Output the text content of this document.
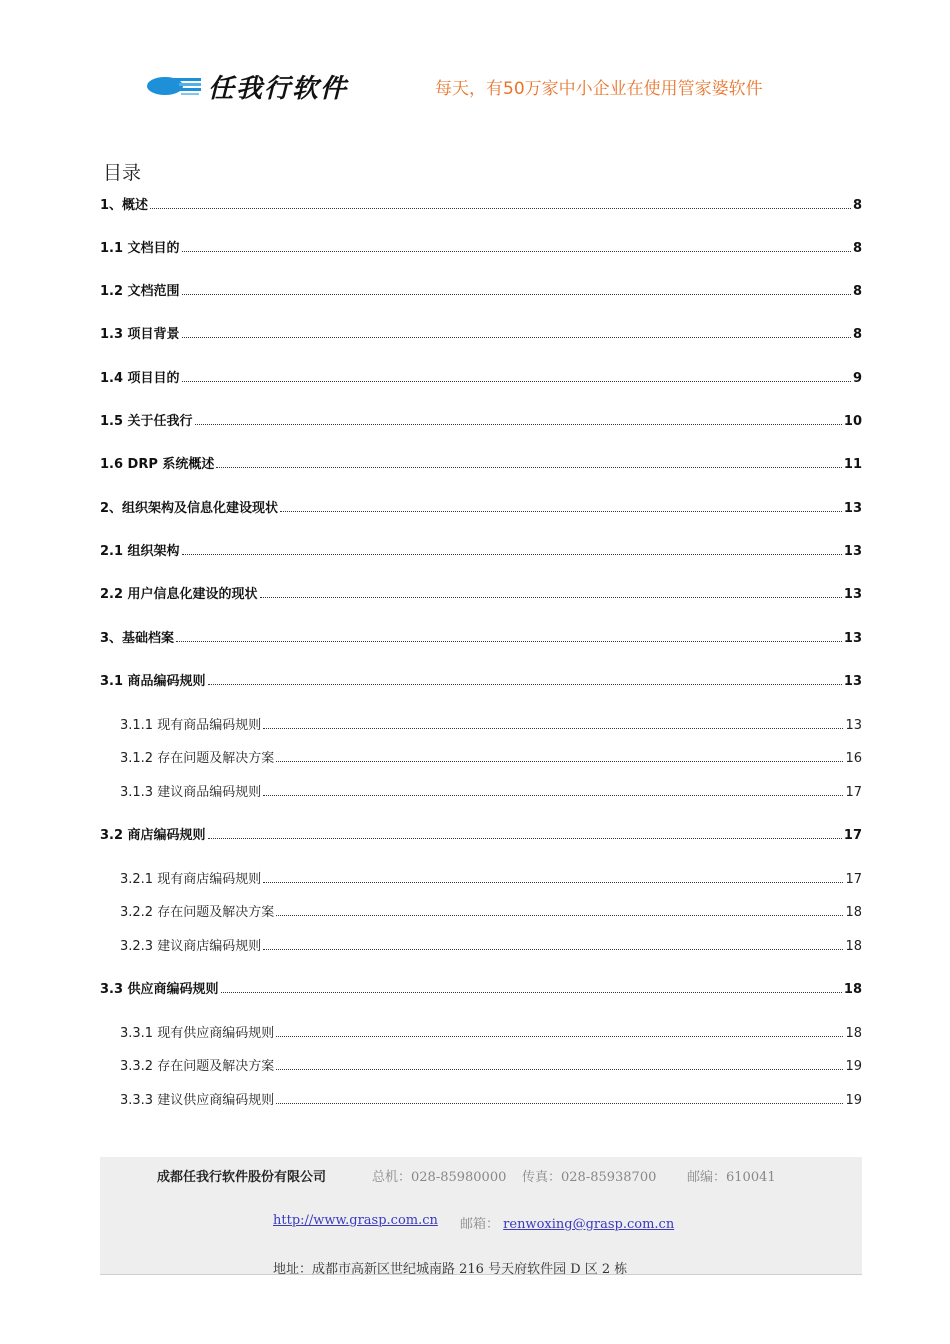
任我行软件	每天，有50万家中小企业在使用管家婆软件
目录
1、概述	8
1.1 文档目的	8
1.2 文档范围	8
1.3 项目背景	8
1.4 项目目的	9
1.5 关于任我行	10
1.6 DRP 系统概述	11
2、组织架构及信息化建设现状	13
2.1 组织架构	13
2.2 用户信息化建设的现状	13
3、基础档案	13
3.1 商品编码规则	13
3.1.1 现有商品编码规则	13
3.1.2 存在问题及解决方案	16
3.1.3 建议商品编码规则	17
3.2 商店编码规则	17
3.2.1 现有商店编码规则	17
3.2.2 存在问题及解决方案	18
3.2.3 建议商店编码规则	18
3.3 供应商编码规则	18
3.3.1 现有供应商编码规则	18
3.3.2 存在问题及解决方案	19
3.3.3 建议供应商编码规则	19
成都任我行软件股份有限公司	总机：028-85980000 传真：028-85938700 邮编：610041
http://www.grasp.com.cn 邮箱： renwoxing@grasp.com.cn
地址：成都市高新区世纪城南路 216 号天府软件园 D 区 2 栋
